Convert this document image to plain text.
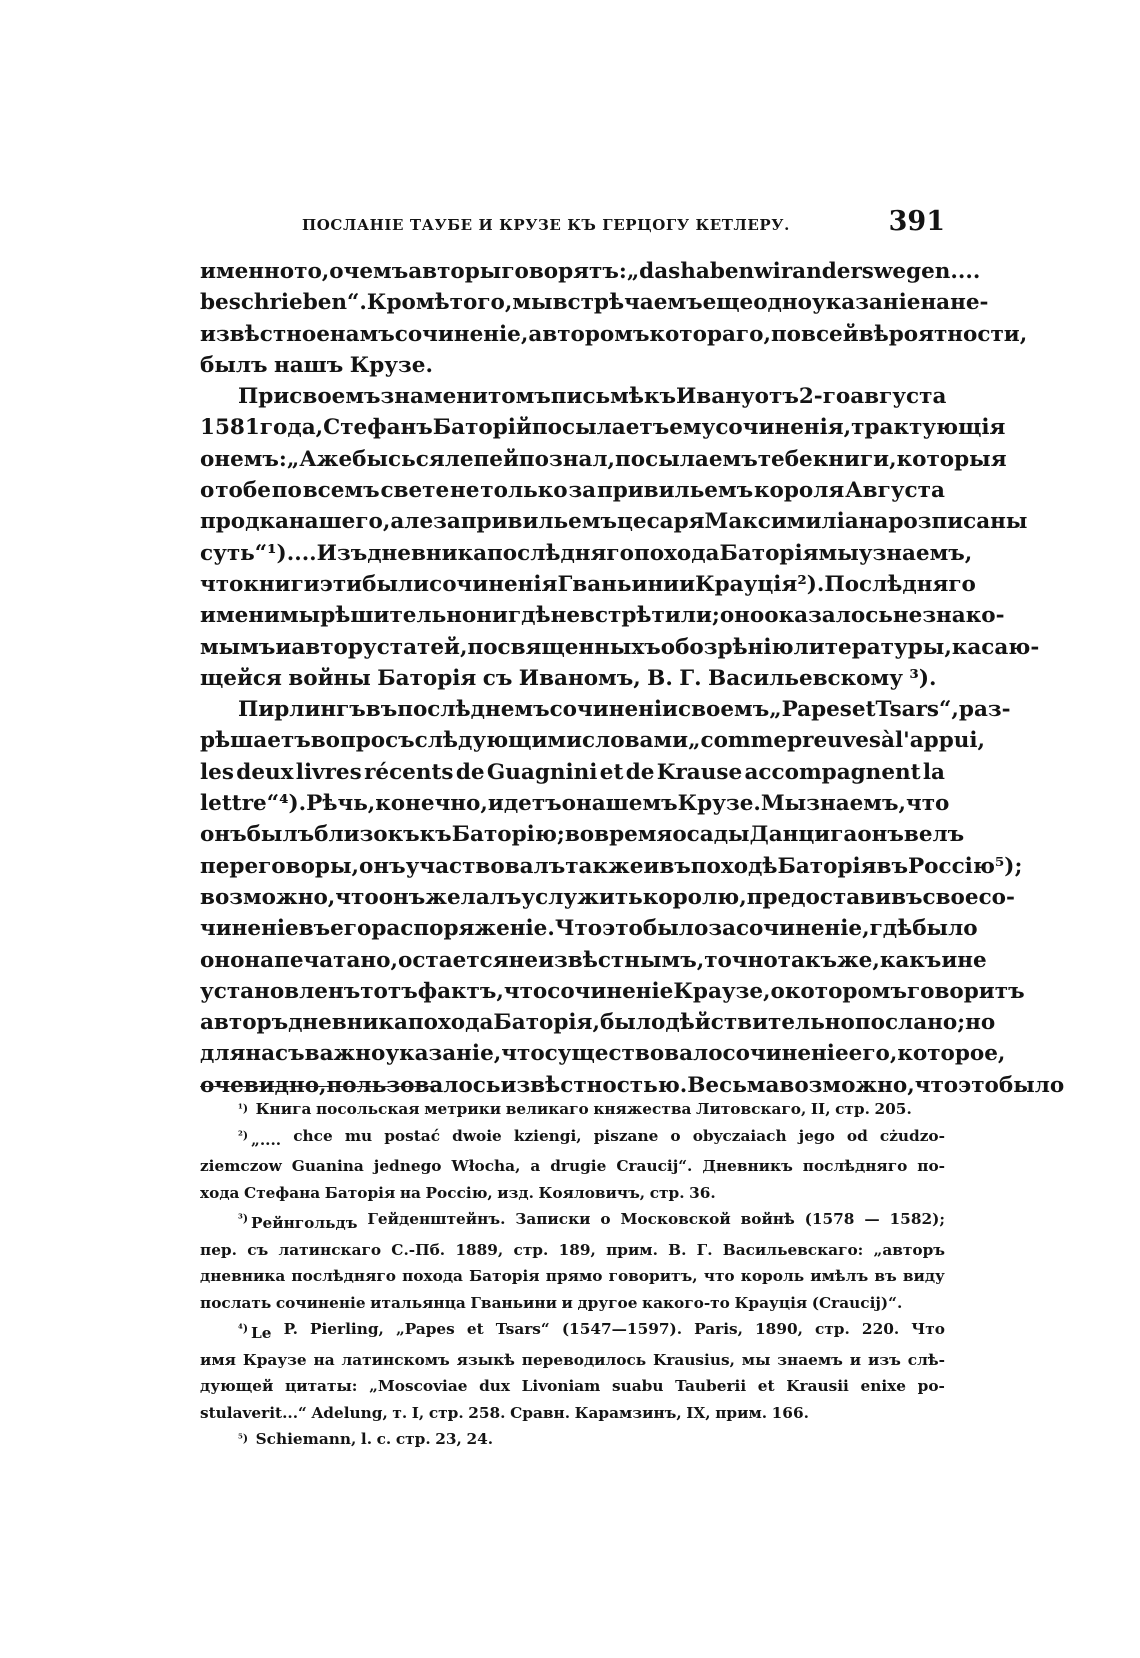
ПОСЛАНIЕ ТАУБЕ И КРУЗЕ КЪ ГЕРЦОГУ КЕТЛЕРУ.	391
именно то, о чемъ авторы говорятъ: „das haben wir anderswegen....
beschrieben“. Кромѣ того, мы встрѣчаемъ еще одно указанiе на не-
извѣстное намъ сочиненiе, авторомъ котораго, по всей вѣроятности,
былъ нашъ Крузе.
При своемъ знаменитомъ письмѣ къ Ивану отъ 2-го августа
1581 года, Стефанъ Баторiй посылаетъ ему сочиненiя, трактующiя
о немъ: „Аже бысь ся лепей познал, посылаемъ тебе книги, которыя
о тобе по всемъ свете не только за привильемъ короля Августа
продка нашего, але за привильемъ цесаря Максимилiана розписаны
суть“ ¹).... Изъ дневника послѣдняго похода Баторiя мы узнаемъ,
что книги эти были сочиненiя Гваньини и Крауцiя ²). Послѣдняго
имени мы рѣшительно нигдѣ не встрѣтили; оно оказалось незнако-
мымъ и автору статей, посвященныхъ обозрѣнiю литературы, касаю-
щейся войны Баторiя съ Иваномъ, В. Г. Васильевскому ³).
Пирлингъ въ послѣднемъ сочиненiи своемъ „Papes et Tsars“, раз-
рѣшаетъ вопросъ слѣдующими словами „comme preuves à l'appui,
les deux livres récents de Guagnini et de Krause accompagnent la
lettre“ ⁴). Рѣчь, конечно, идетъ о нашемъ Крузе. Мы знаемъ, что
онъ былъ близокъ къ Баторiю; во время осады Данцига онъ велъ
переговоры, онъ участвовалъ также и въ походѣ Баторiя въ Россiю⁵);
возможно, что онъ желалъ услужить королю, предоставивъ свое со-
чиненiе въ его распоряженiе. Что это было за сочиненiе, гдѣ было
оно напечатано, остается не извѣстнымъ, точно такъ же, какъ и не
установленъ тотъ фактъ, что сочиненiе Краузе, о которомъ говоритъ
авторъ дневника похода Баторiя, было дѣйствительно послано; но
для насъ важно указанiе, что существовало сочиненiе его, которое,
очевидно, пользовалось извѣстностью. Весьма возможно, что это было
¹) Книга посольская метрики великаго княжества Литовскаго, II, стр. 205.
²) „.... chce mu postać dwoie kziengi, piszane o obyczaiach jego od cżudzo-
ziemczow Guanina jednego Włocha, a drugie Craucij“. Дневникъ послѣдняго по-
хода Стефана Баторiя на Россiю, изд. Кояловичъ, стр. 36.
³) Рейнгольдъ Гейденштейнъ. Записки о Московской войнѣ (1578 — 1582);
пер. съ латинскаго С.-Пб. 1889, стр. 189, прим. В. Г. Васильевскаго: „авторъ
дневника послѣдняго похода Баторiя прямо говоритъ, что король имѣлъ въ виду
послать сочиненiе итальянца Гваньини и другое какого-то Крауцiя (Craucij)“.
⁴) Le P. Pierling, „Papes et Tsars“ (1547—1597). Paris, 1890, стр. 220. Что
имя Краузе на латинскомъ языкѣ переводилось Krausius, мы знаемъ и изъ слѣ-
дующей цитаты: „Moscoviae dux Livoniam suabu Tauberii et Krausii enixe po-
stulaverit...“ Adelung, т. I, стр. 258. Сравн. Карамзинъ, IX, прим. 166.
⁵) Schiemann, l. c. стр. 23, 24.
